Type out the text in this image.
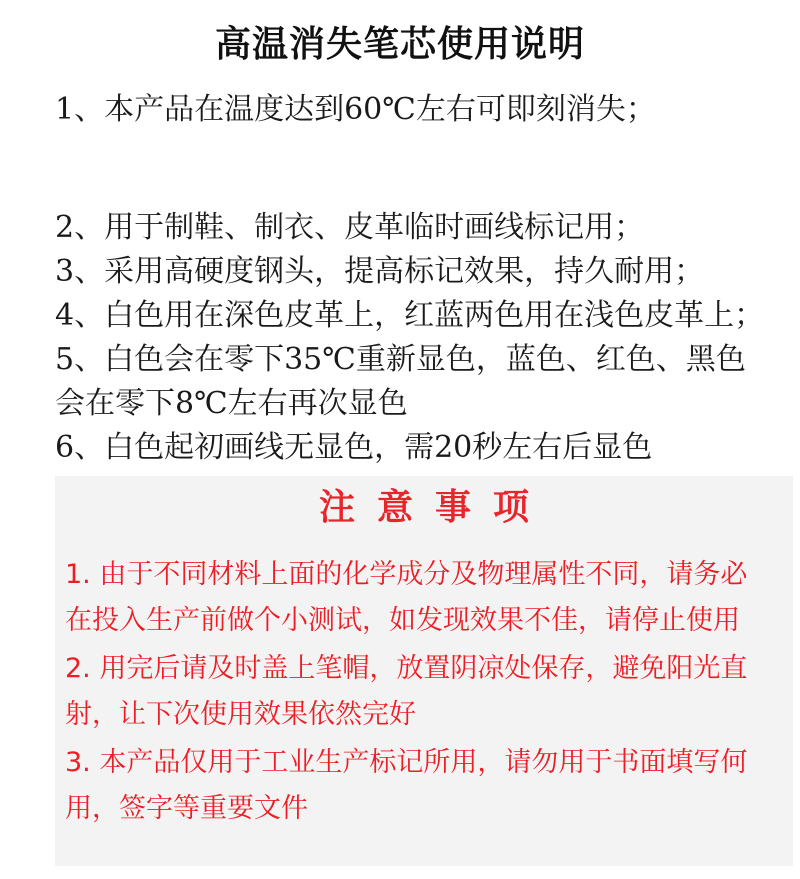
高温消失笔芯使用说明
1、本产品在温度达到60℃左右可即刻消失；
2、用于制鞋、制衣、皮革临时画线标记用；
3、采用高硬度钢头，提高标记效果，持久耐用；
4、白色用在深色皮革上，红蓝两色用在浅色皮革上；
5、白色会在零下35℃重新显色，蓝色、红色、黑色会在零下8℃左右再次显色
6、白色起初画线无显色，需20秒左右后显色
注意事项
1. 由于不同材料上面的化学成分及物理属性不同，请务必在投入生产前做个小测试，如发现效果不佳，请停止使用
2. 用完后请及时盖上笔帽，放置阴凉处保存，避免阳光直射，让下次使用效果依然完好
3. 本产品仅用于工业生产标记所用，请勿用于书面填写何用，签字等重要文件
